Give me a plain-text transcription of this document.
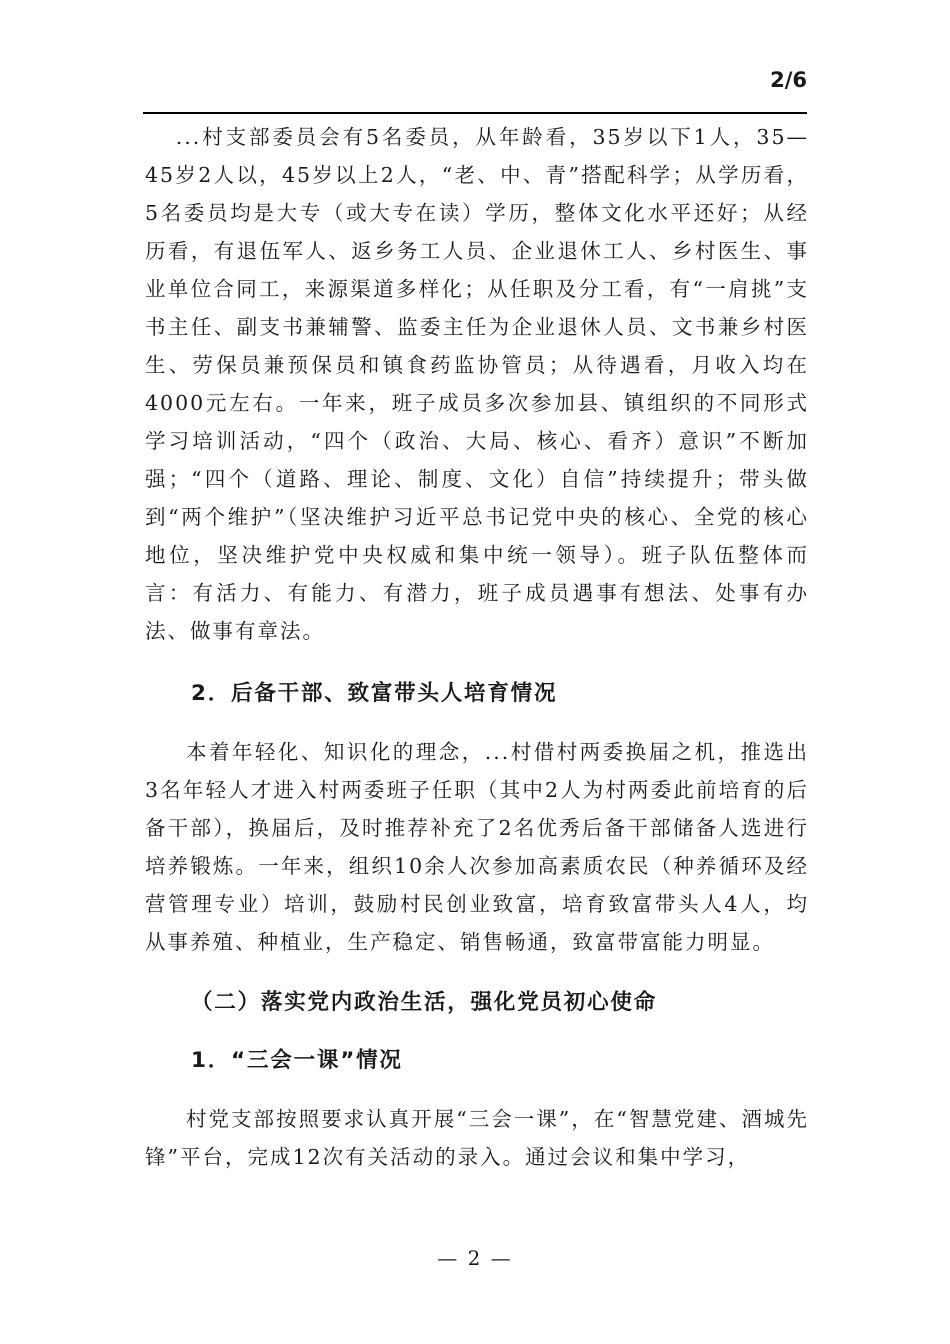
2/6

...村支部委员会有5名委员，从年龄看，35岁以下1人，35—45岁2人以，45岁以上2人，“老、中、青”搭配科学；从学历看，5名委员均是大专（或大专在读）学历，整体文化水平还好；从经历看，有退伍军人、返乡务工人员、企业退休工人、乡村医生、事业单位合同工，来源渠道多样化；从任职及分工看，有“一肩挑”支书主任、副支书兼辅警、监委主任为企业退休人员、文书兼乡村医生、劳保员兼预保员和镇食药监协管员；从待遇看，月收入均在4000元左右。一年来，班子成员多次参加县、镇组织的不同形式学习培训活动，“四个（政治、大局、核心、看齐）意识”不断加强；“四个（道路、理论、制度、文化）自信”持续提升；带头做到“两个维护”（坚决维护习近平总书记党中央的核心、全党的核心地位，坚决维护党中央权威和集中统一领导）。班子队伍整体而言：有活力、有能力、有潜力，班子成员遇事有想法、处事有办法、做事有章法。

2．后备干部、致富带头人培育情况

本着年轻化、知识化的理念，...村借村两委换届之机，推选出3名年轻人才进入村两委班子任职（其中2人为村两委此前培育的后备干部），换届后，及时推荐补充了2名优秀后备干部储备人选进行培养锻炼。一年来，组织10余人次参加高素质农民（种养循环及经营管理专业）培训，鼓励村民创业致富，培育致富带头人4人，均从事养殖、种植业，生产稳定、销售畅通，致富带富能力明显。

（二）落实党内政治生活，强化党员初心使命
1．“三会一课”情况

村党支部按照要求认真开展“三会一课”，在“智慧党建、酒城先锋”平台，完成12次有关活动的录入。通过会议和集中学习，

— 2 —
